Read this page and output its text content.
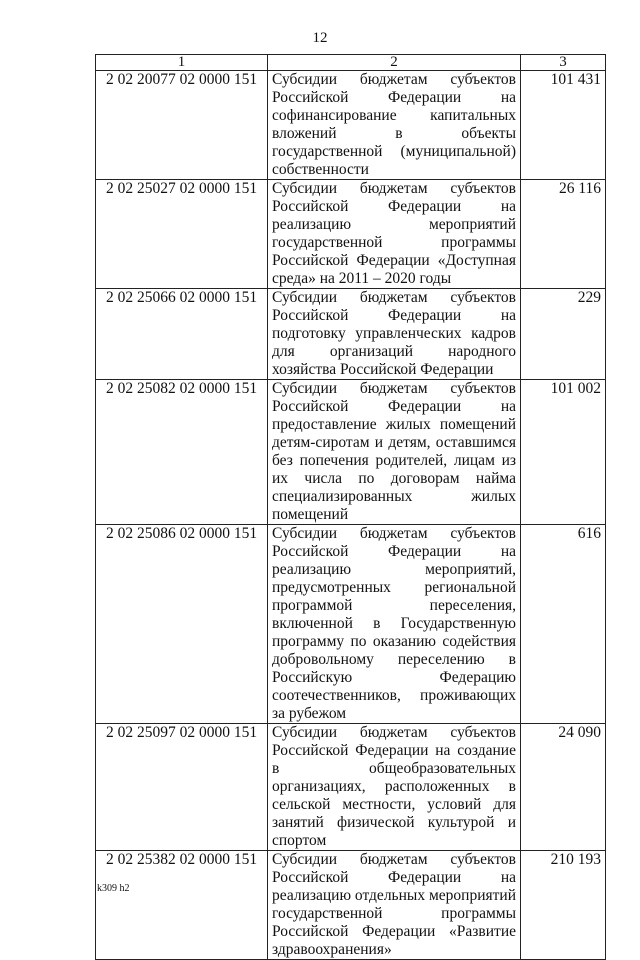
12
1	2	3
2 02 20077 02 0000 151	Субсидии бюджетам субъектов Российской Федерации на софинансирование капитальных вложений в объекты государственной (муниципальной) собственности	101 431
2 02 25027 02 0000 151	Субсидии бюджетам субъектов Российской Федерации на реализацию мероприятий государственной программы Российской Федерации «Доступная среда» на 2011 – 2020 годы	26 116
2 02 25066 02 0000 151	Субсидии бюджетам субъектов Российской Федерации на подготовку управленческих кадров для организаций народного хозяйства Российской Федерации	229
2 02 25082 02 0000 151	Субсидии бюджетам субъектов Российской Федерации на предоставление жилых помещений детям-сиротам и детям, оставшимся без попечения родителей, лицам из их числа по договорам найма специализированных жилых помещений	101 002
2 02 25086 02 0000 151	Субсидии бюджетам субъектов Российской Федерации на реализацию мероприятий, предусмотренных региональной программой переселения, включенной в Государственную программу по оказанию содействия добровольному переселению в Российскую Федерацию соотечественников, проживающих за рубежом	616
2 02 25097 02 0000 151	Субсидии бюджетам субъектов Российской Федерации на создание в общеобразовательных организациях, расположенных в сельской местности, условий для занятий физической культурой и спортом	24 090
2 02 25382 02 0000 151	Субсидии бюджетам субъектов Российской Федерации на реализацию отдельных мероприятий государственной программы Российской Федерации «Развитие здравоохранения»	210 193
k309 h2
